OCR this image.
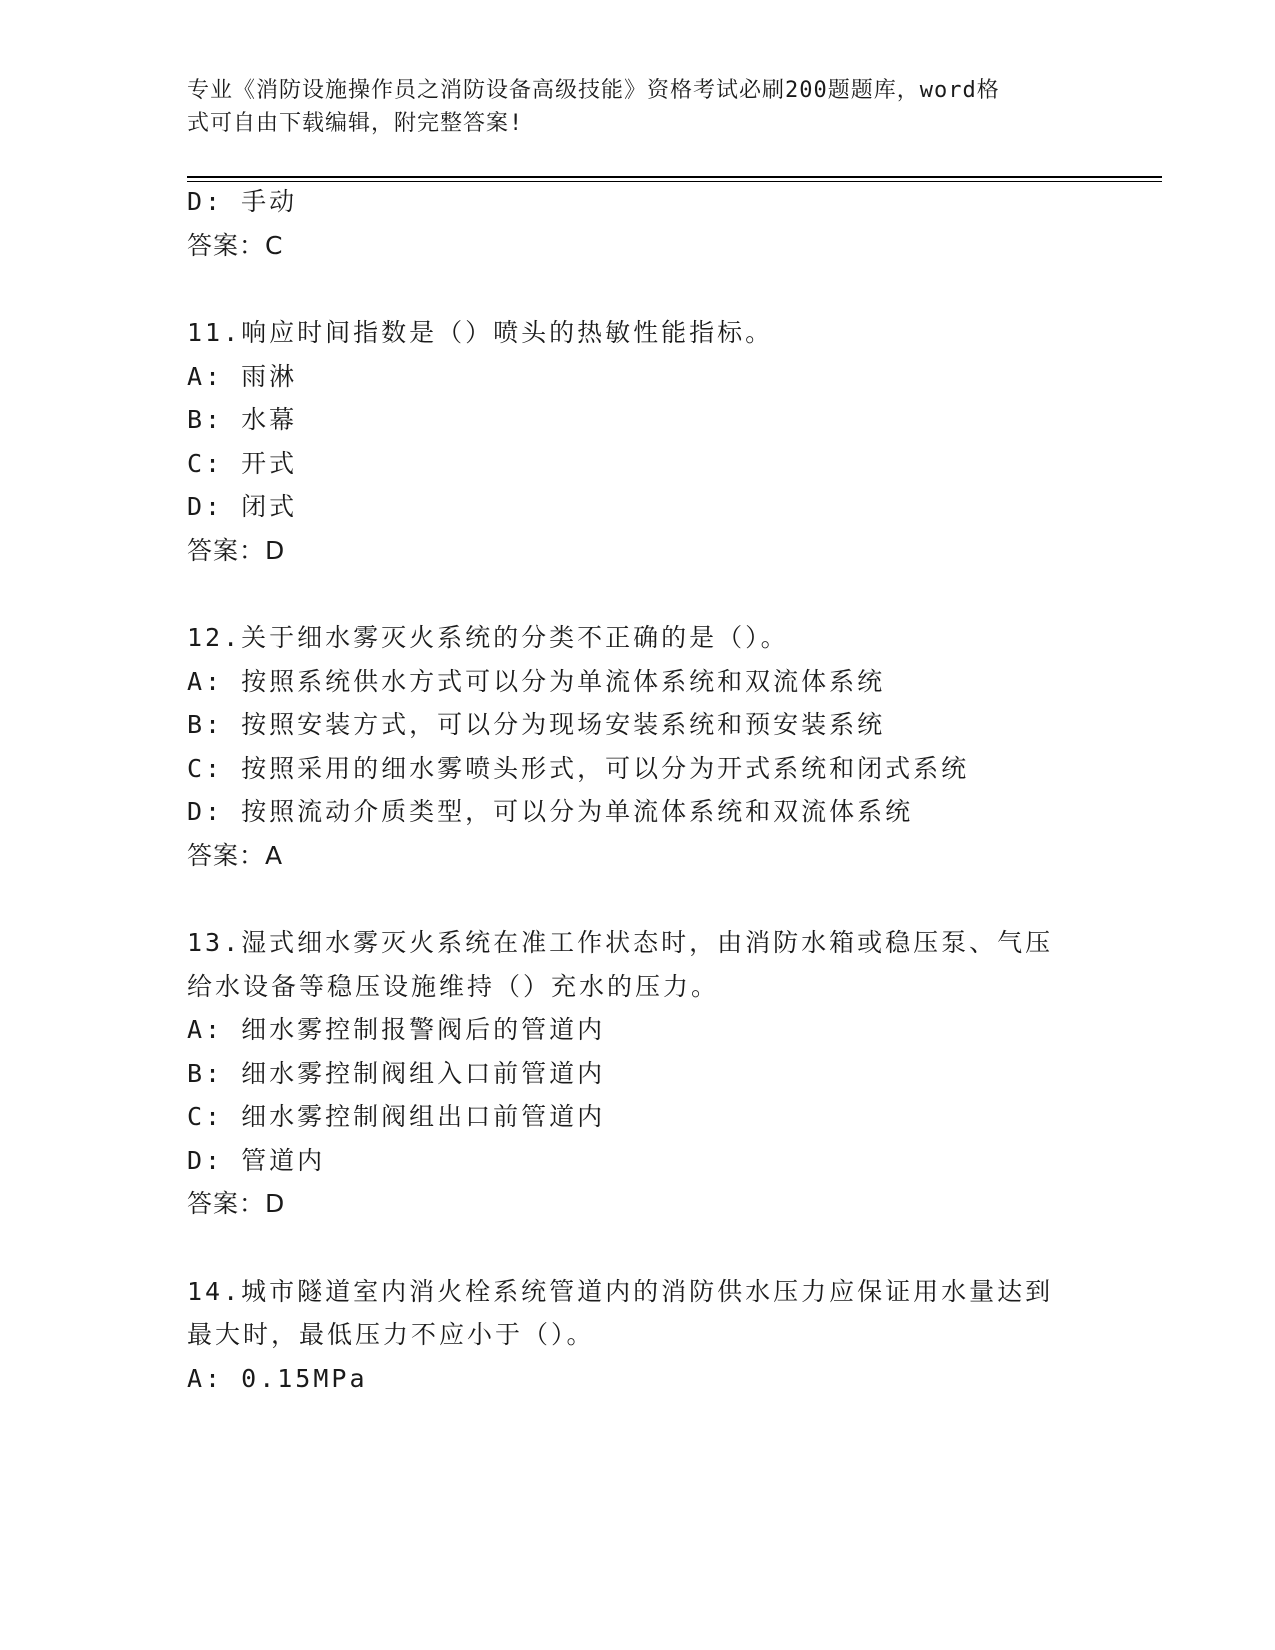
专业《消防设施操作员之消防设备高级技能》资格考试必刷200题题库，word格
式可自由下载编辑，附完整答案!
D: 手动
答案：C
11.响应时间指数是（）喷头的热敏性能指标。
A: 雨淋
B: 水幕
C: 开式
D: 闭式
答案：D
12.关于细水雾灭火系统的分类不正确的是（）。
A: 按照系统供水方式可以分为单流体系统和双流体系统
B: 按照安装方式，可以分为现场安装系统和预安装系统
C: 按照采用的细水雾喷头形式，可以分为开式系统和闭式系统
D: 按照流动介质类型，可以分为单流体系统和双流体系统
答案：A
13.湿式细水雾灭火系统在准工作状态时，由消防水箱或稳压泵、气压
给水设备等稳压设施维持（）充水的压力。
A: 细水雾控制报警阀后的管道内
B: 细水雾控制阀组入口前管道内
C: 细水雾控制阀组出口前管道内
D: 管道内
答案：D
14.城市隧道室内消火栓系统管道内的消防供水压力应保证用水量达到
最大时，最低压力不应小于（）。
A: 0.15MPa
